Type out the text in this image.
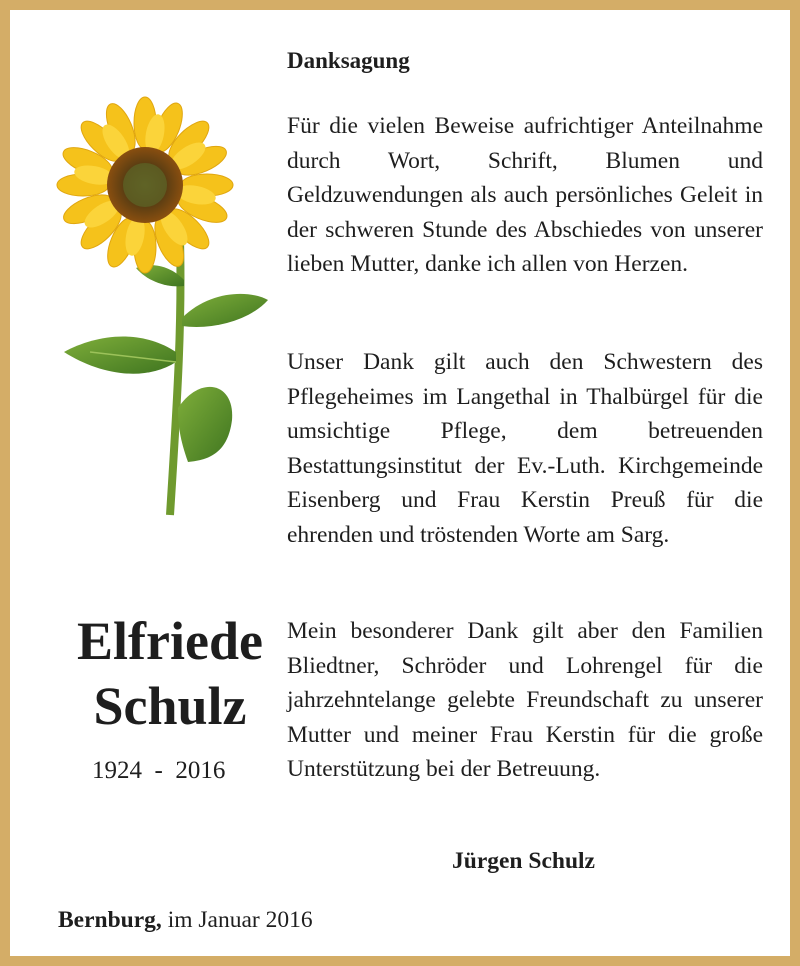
Danksagung

Für die vielen Beweise aufrichtiger Anteilnahme durch Wort, Schrift, Blumen und Geldzuwendungen als auch persönliches Geleit in der schweren Stunde des Abschiedes von unserer lieben Mutter, danke ich allen von Herzen.

Unser Dank gilt auch den Schwestern des Pflegeheimes im Langethal in Thalbürgel für die umsichtige Pflege, dem betreuenden Bestattungsinstitut der Ev.-Luth. Kirchgemeinde Eisenberg und Frau Kerstin Preuß für die ehrenden und tröstenden Worte am Sarg.

Mein besonderer Dank gilt aber den Familien Bliedtner, Schröder und Lohrengel für die jahrzehntelange gelebte Freundschaft zu unserer Mutter und meiner Frau Kerstin für die große Unterstützung bei der Betreuung.

Elfriede

Schulz

1924  -  2016

Jürgen Schulz

Bernburg, im Januar 2016
